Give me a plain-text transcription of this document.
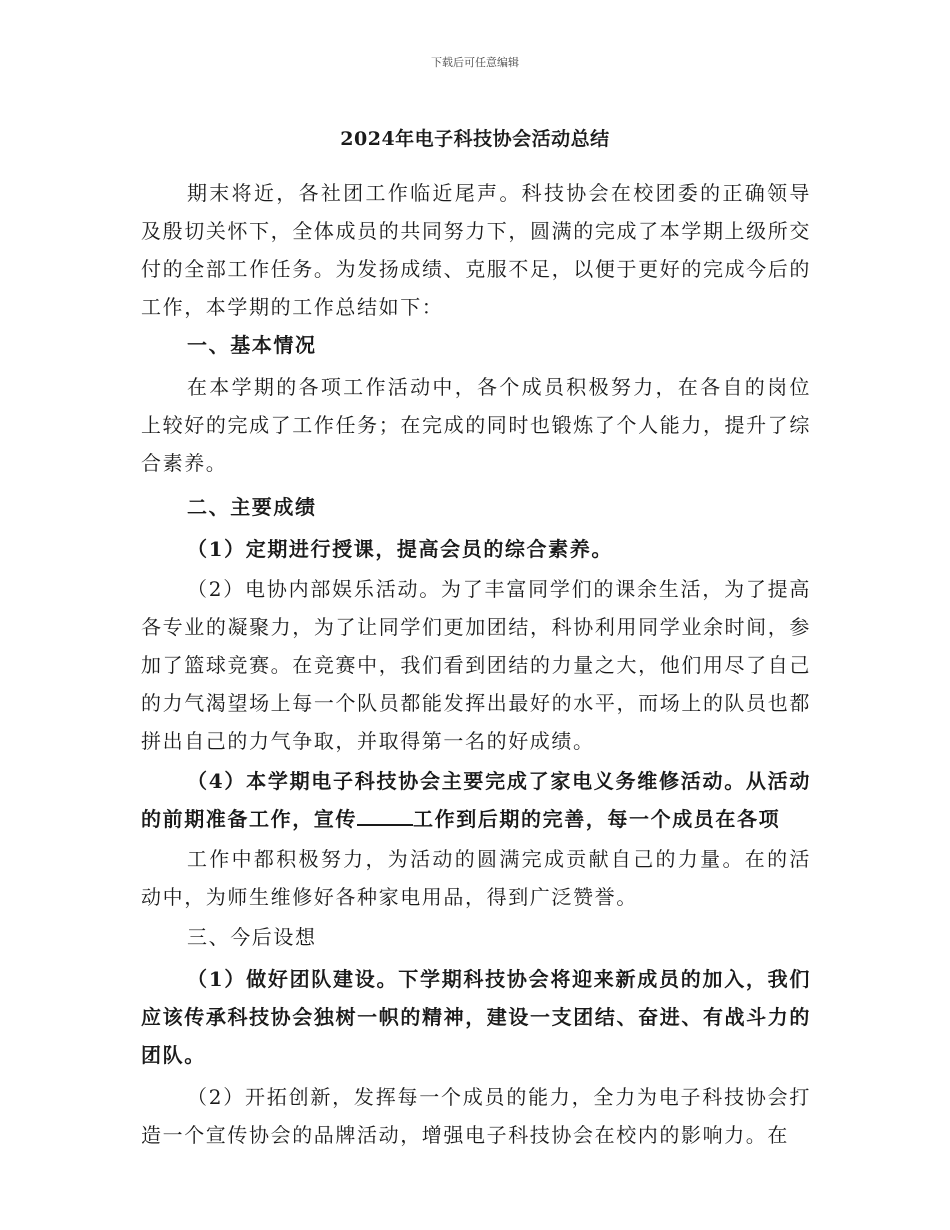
下载后可任意编辑
2024年电子科技协会活动总结

期末将近，各社团工作临近尾声。科技协会在校团委的正确领导及殷切关怀下，全体成员的共同努力下，圆满的完成了本学期上级所交付的全部工作任务。为发扬成绩、克服不足，以便于更好的完成今后的工作，本学期的工作总结如下：

一、基本情况

在本学期的各项工作活动中，各个成员积极努力，在各自的岗位上较好的完成了工作任务；在完成的同时也锻炼了个人能力，提升了综合素养。

二、主要成绩

（1）定期进行授课，提高会员的综合素养。

（2）电协内部娱乐活动。为了丰富同学们的课余生活，为了提高各专业的凝聚力，为了让同学们更加团结，科协利用同学业余时间，参加了篮球竞赛。在竞赛中，我们看到团结的力量之大，他们用尽了自己的力气渴望场上每一个队员都能发挥出最好的水平，而场上的队员也都拼出自己的力气争取，并取得第一名的好成绩。

（4）本学期电子科技协会主要完成了家电义务维修活动。从活动的前期准备工作，宣传	工作到后期的完善，每一个成员在各项

工作中都积极努力，为活动的圆满完成贡献自己的力量。在的活动中，为师生维修好各种家电用品，得到广泛赞誉。

三、今后设想

（1）做好团队建设。下学期科技协会将迎来新成员的加入，我们应该传承科技协会独树一帜的精神，建设一支团结、奋进、有战斗力的团队。

（2）开拓创新，发挥每一个成员的能力，全力为电子科技协会打造一个宣传协会的品牌活动，增强电子科技协会在校内的影响力。在
